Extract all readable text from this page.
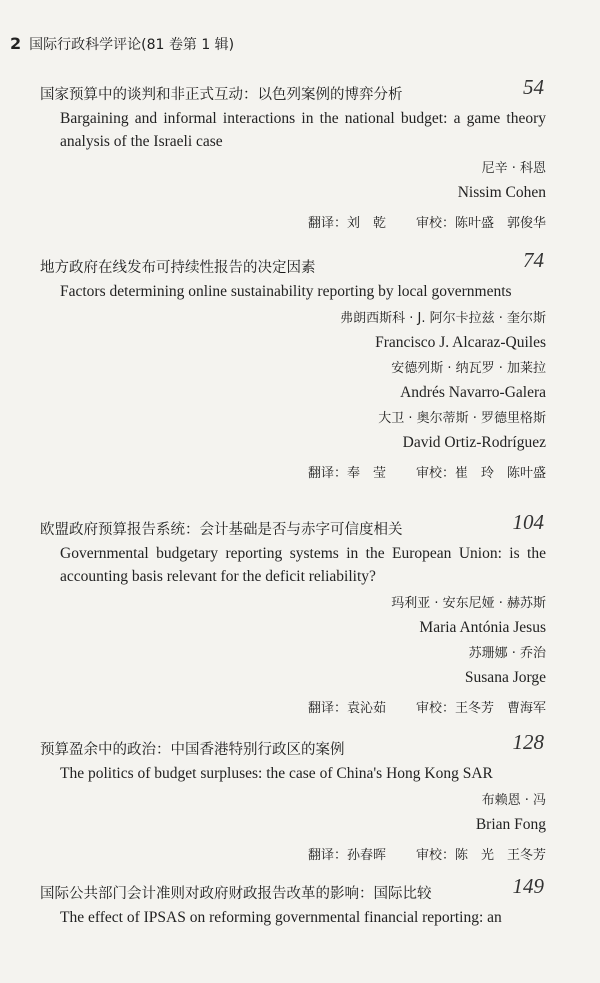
2 国际行政科学评论(81 卷第 1 辑)
国家预算中的谈判和非正式互动：以色列案例的博弈分析	54
Bargaining and informal interactions in the national budget: a game theory analysis of the Israeli case
尼辛 · 科恩
Nissim Cohen
翻译：刘　乾 审校：陈叶盛　郭俊华
地方政府在线发布可持续性报告的决定因素	74
Factors determining online sustainability reporting by local governments
弗朗西斯科 · J. 阿尔卡拉兹 · 奎尔斯
Francisco J. Alcaraz-Quiles
安德列斯 · 纳瓦罗 · 加莱拉
Andrés Navarro-Galera
大卫 · 奥尔蒂斯 · 罗德里格斯
David Ortiz-Rodríguez
翻译：奉　莹 审校：崔　玲　陈叶盛
欧盟政府预算报告系统：会计基础是否与赤字可信度相关	104
Governmental budgetary reporting systems in the European Union: is the accounting basis relevant for the deficit reliability?
玛利亚 · 安东尼娅 · 赫苏斯
Maria Antónia Jesus
苏珊娜 · 乔治
Susana Jorge
翻译：袁沁茹 审校：王冬芳　曹海军
预算盈余中的政治：中国香港特别行政区的案例	128
The politics of budget surpluses: the case of China's Hong Kong SAR
布赖恩 · 冯
Brian Fong
翻译：孙春晖 审校：陈　光　王冬芳
国际公共部门会计准则对政府财政报告改革的影响：国际比较	149
The effect of IPSAS on reforming governmental financial reporting: an
